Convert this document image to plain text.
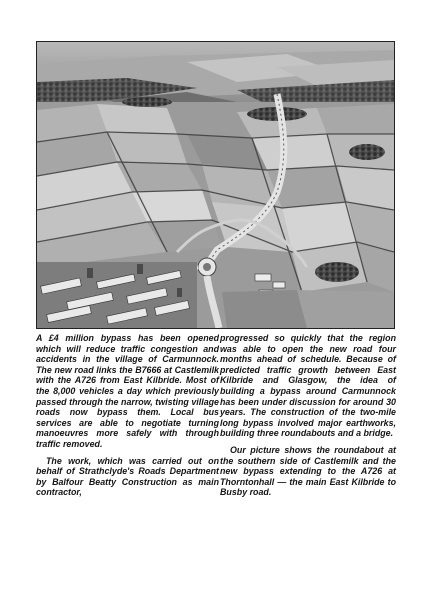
A £4 million bypass has been opened which will reduce traffic congestion and accidents in the village of Carmunnock. The new road links the B7666 at Castlemilk with the A726 from East Kilbride. Most of the 8,000 vehicles a day which previously passed through the narrow, twisting village roads now bypass them. Local bus services are able to negotiate turning manoeuvres more safely with through traffic removed.

The work, which was carried out on behalf of Strathclyde's Roads Department by Balfour Beatty Construction as main contractor,

progressed so quickly that the region was able to open the new road four months ahead of schedule. Because of predicted traffic growth between East Kilbride and Glasgow, the idea of building a bypass around Carmunnock has been under discussion for around 30 years. The construction of the two-mile long bypass involved major earthworks, building three roundabouts and a bridge.

Our picture shows the roundabout at the southern side of Castlemilk and the new bypass extending to the A726 at Thorntonhall — the main East Kilbride to Busby road.
